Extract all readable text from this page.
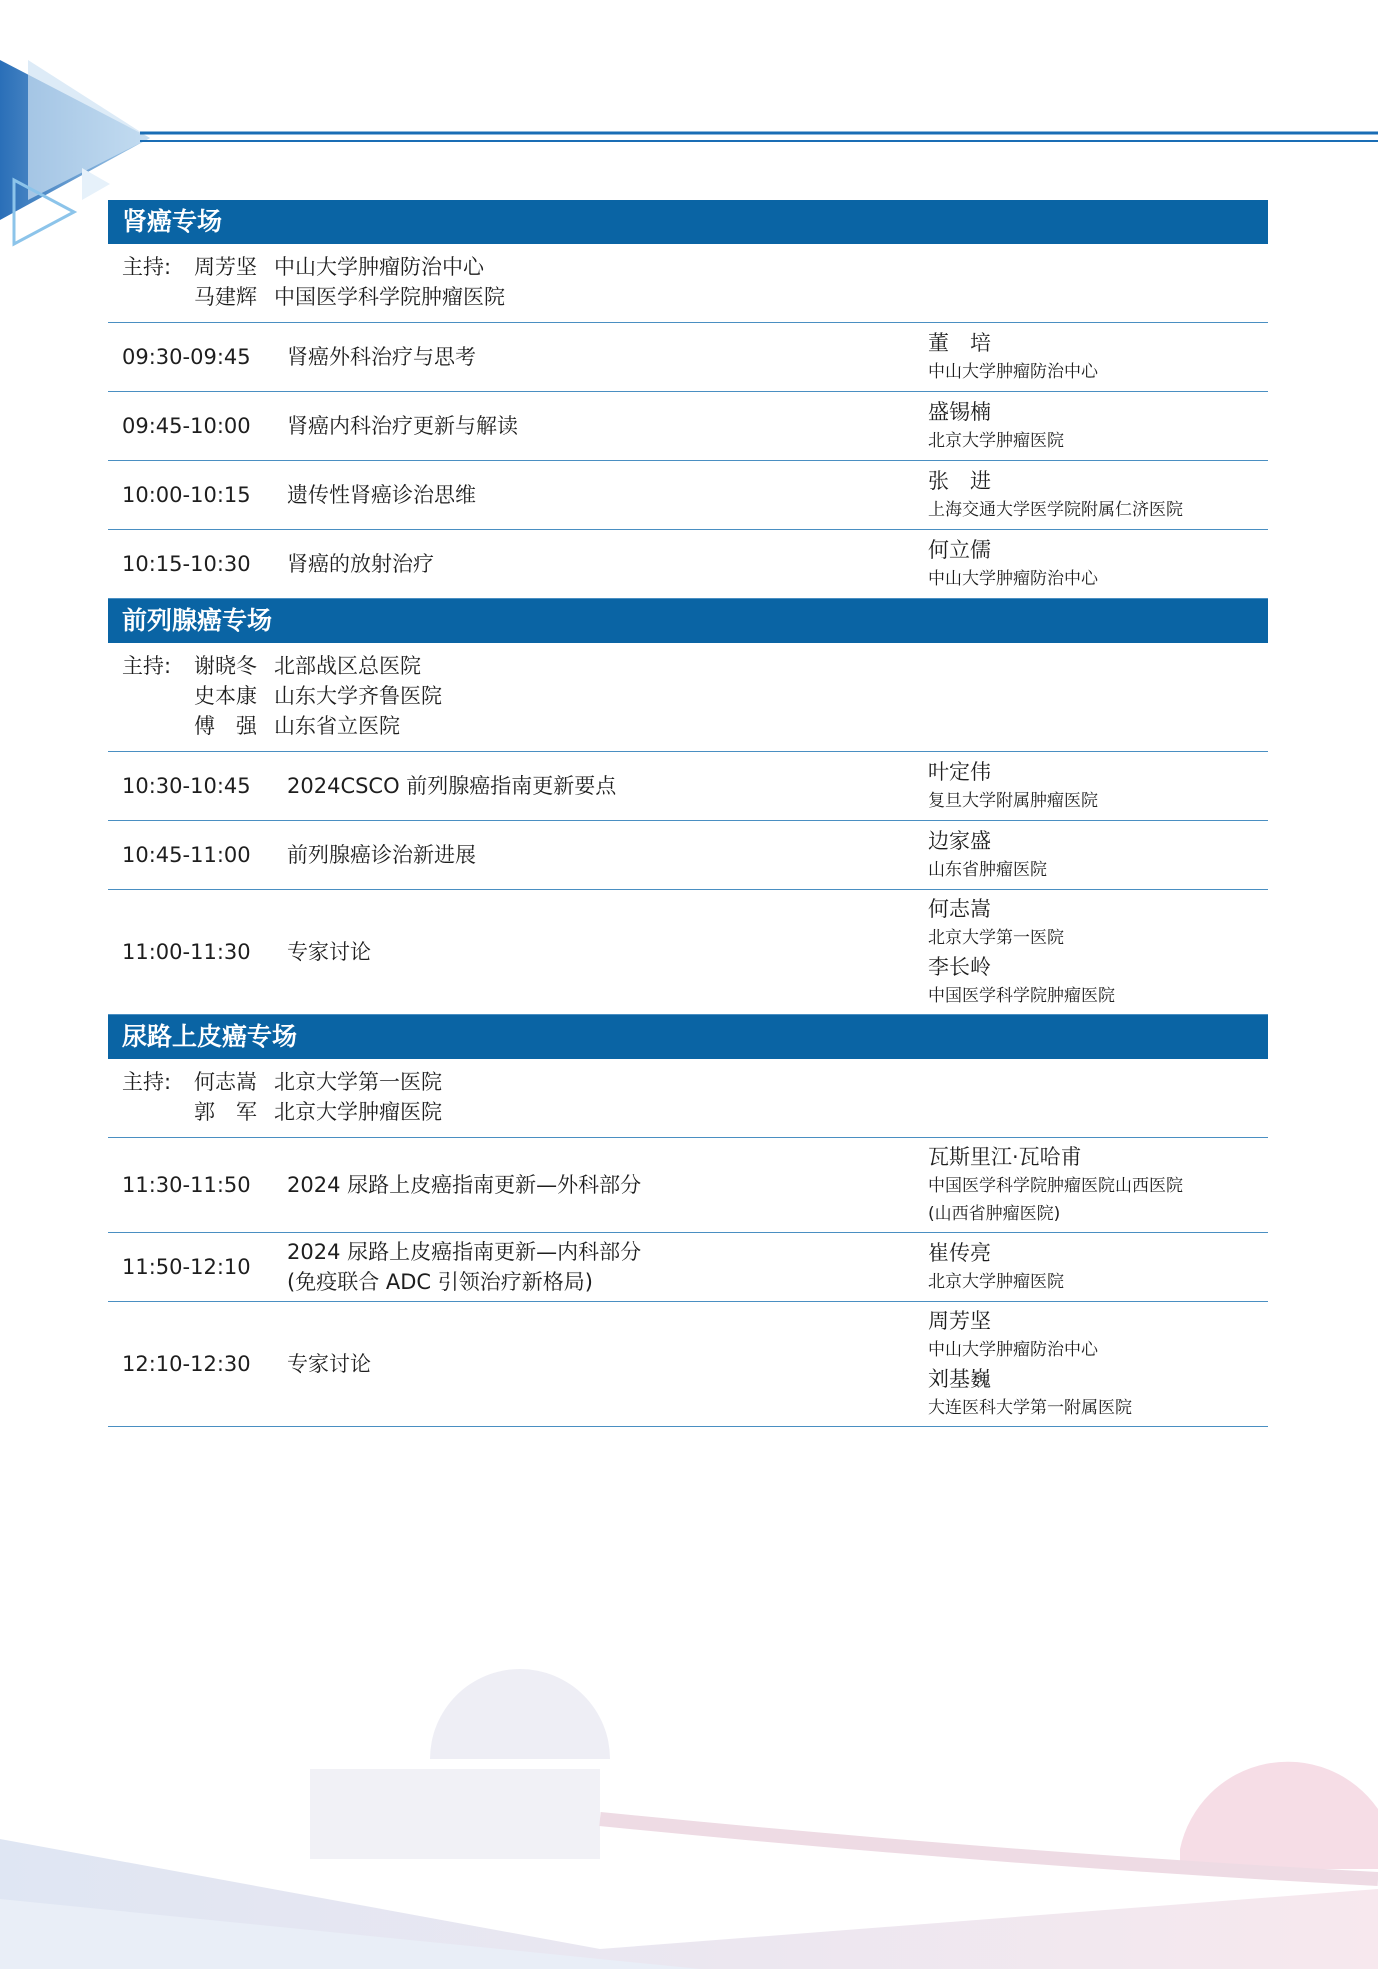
肾癌专场
主持:	周芳坚 中山大学肿瘤防治中心
马建辉 中国医学科学院肿瘤医院
09:30-09:45	肾癌外科治疗与思考
董　培
中山大学肿瘤防治中心
09:45-10:00	肾癌内科治疗更新与解读
盛锡楠
北京大学肿瘤医院
10:00-10:15	遗传性肾癌诊治思维
张　进
上海交通大学医学院附属仁济医院
10:15-10:30	肾癌的放射治疗
何立儒
中山大学肿瘤防治中心
前列腺癌专场
主持:	谢晓冬 北部战区总医院
史本康 山东大学齐鲁医院
傅　强 山东省立医院
10:30-10:45	2024CSCO 前列腺癌指南更新要点
叶定伟
复旦大学附属肿瘤医院
10:45-11:00	前列腺癌诊治新进展
边家盛
山东省肿瘤医院
11:00-11:30	专家讨论
何志嵩
北京大学第一医院
李长岭
中国医学科学院肿瘤医院
尿路上皮癌专场
主持:	何志嵩 北京大学第一医院
郭　军 北京大学肿瘤医院
11:30-11:50	2024 尿路上皮癌指南更新—外科部分
瓦斯里江·瓦哈甫
中国医学科学院肿瘤医院山西医院
(山西省肿瘤医院)
11:50-12:10
2024 尿路上皮癌指南更新—内科部分
(免疫联合 ADC 引领治疗新格局)
崔传亮
北京大学肿瘤医院
12:10-12:30	专家讨论
周芳坚
中山大学肿瘤防治中心
刘基巍
大连医科大学第一附属医院
